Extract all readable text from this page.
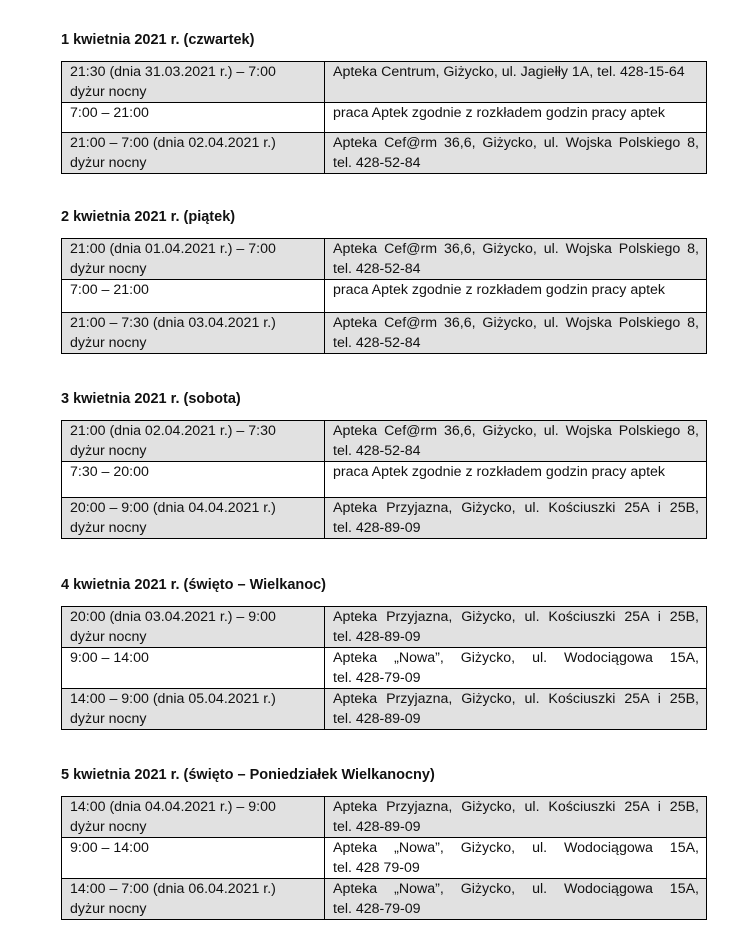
1 kwietnia 2021 r. (czwartek)
21:30 (dnia 31.03.2021 r.) – 7:00
dyżur nocny	Apteka Centrum, Giżycko, ul. Jagiełły 1A, tel. 428-15-64

7:00 – 21:00	praca Aptek zgodnie z rozkładem godzin pracy aptek

21:00 – 7:00 (dnia 02.04.2021 r.)
dyżur nocny	Apteka Cef@rm 36,6, Giżycko, ul. Wojska Polskiego 8,
tel. 428-52-84
2 kwietnia 2021 r. (piątek)
21:00 (dnia 01.04.2021 r.) – 7:00
dyżur nocny	Apteka Cef@rm 36,6, Giżycko, ul. Wojska Polskiego 8,
tel. 428-52-84

7:00 – 21:00	praca Aptek zgodnie z rozkładem godzin pracy aptek

21:00 – 7:30 (dnia 03.04.2021 r.)
dyżur nocny	Apteka Cef@rm 36,6, Giżycko, ul. Wojska Polskiego 8,
tel. 428-52-84
3 kwietnia 2021 r. (sobota)
21:00 (dnia 02.04.2021 r.) – 7:30
dyżur nocny	Apteka Cef@rm 36,6, Giżycko, ul. Wojska Polskiego 8,
tel. 428-52-84

7:30 – 20:00	praca Aptek zgodnie z rozkładem godzin pracy aptek

20:00 – 9:00 (dnia 04.04.2021 r.)
dyżur nocny	Apteka Przyjazna, Giżycko, ul. Kościuszki 25A i 25B,
tel. 428-89-09
4 kwietnia 2021 r. (święto – Wielkanoc)
20:00 (dnia 03.04.2021 r.) – 9:00
dyżur nocny	Apteka Przyjazna, Giżycko, ul. Kościuszki 25A i 25B,
tel. 428-89-09

9:00 – 14:00	Apteka „Nowa”, Giżycko, ul. Wodociągowa 15A,
tel. 428-79-09

14:00 – 9:00 (dnia 05.04.2021 r.)
dyżur nocny	Apteka Przyjazna, Giżycko, ul. Kościuszki 25A i 25B,
tel. 428-89-09
5 kwietnia 2021 r. (święto – Poniedziałek Wielkanocny)
14:00 (dnia 04.04.2021 r.) – 9:00
dyżur nocny	Apteka Przyjazna, Giżycko, ul. Kościuszki 25A i 25B,
tel. 428-89-09

9:00 – 14:00	Apteka „Nowa”, Giżycko, ul. Wodociągowa 15A,
tel. 428 79-09

14:00 – 7:00 (dnia 06.04.2021 r.)
dyżur nocny	Apteka „Nowa”, Giżycko, ul. Wodociągowa 15A,
tel. 428-79-09
